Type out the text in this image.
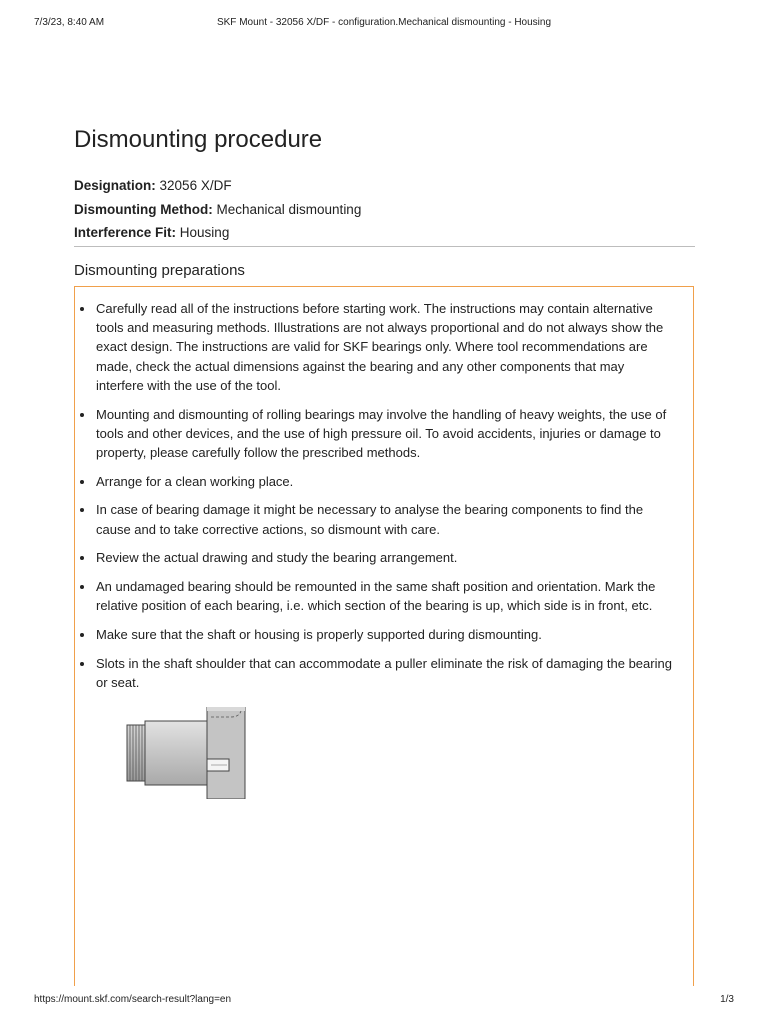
7/3/23, 8:40 AM	SKF Mount - 32056 X/DF - configuration.Mechanical dismounting - Housing
Dismounting procedure
Designation: 32056 X/DF
Dismounting Method: Mechanical dismounting
Interference Fit: Housing
Dismounting preparations
• Carefully read all of the instructions before starting work. The instructions may contain alternative tools and measuring methods. Illustrations are not always proportional and do not always show the exact design. The instructions are valid for SKF bearings only. Where tool recommendations are made, check the actual dimensions against the bearing and any other components that may interfere with the use of the tool.
• Mounting and dismounting of rolling bearings may involve the handling of heavy weights, the use of tools and other devices, and the use of high pressure oil. To avoid accidents, injuries or damage to property, please carefully follow the prescribed methods.
• Arrange for a clean working place.
• In case of bearing damage it might be necessary to analyse the bearing components to find the cause and to take corrective actions, so dismount with care.
• Review the actual drawing and study the bearing arrangement.
• An undamaged bearing should be remounted in the same shaft position and orientation. Mark the relative position of each bearing, i.e. which section of the bearing is up, which side is in front, etc.
• Make sure that the shaft or housing is properly supported during dismounting.
• Slots in the shaft shoulder that can accommodate a puller eliminate the risk of damaging the bearing or seat.
https://mount.skf.com/search-result?lang=en	1/3
